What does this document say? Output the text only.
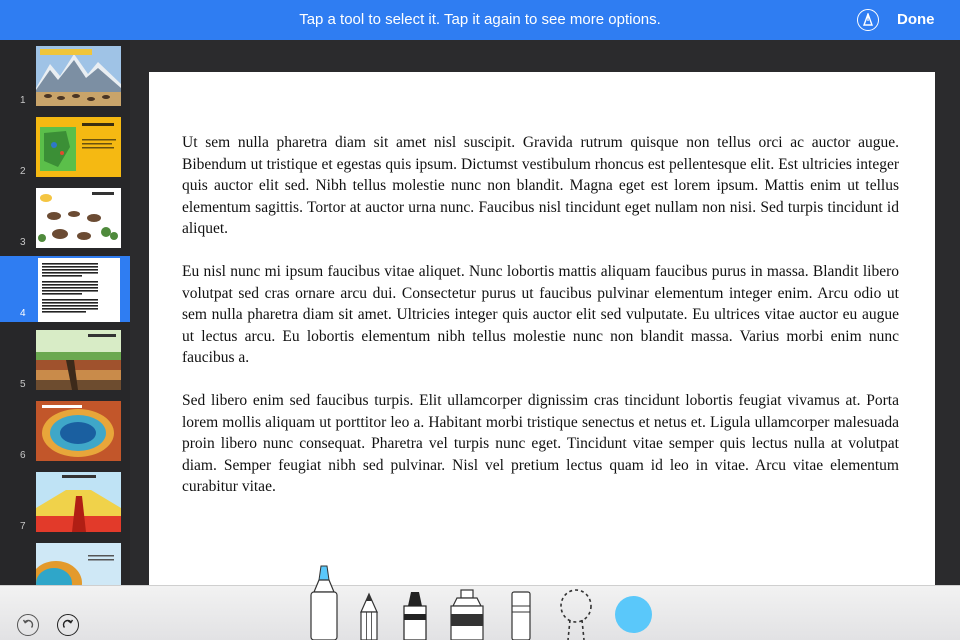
Tap a tool to select it. Tap it again to see more options.	Done
1
2
3
4
5
6
7

Ut sem nulla pharetra diam sit amet nisl suscipit. Gravida rutrum quisque non tellus orci ac auctor augue. Bibendum ut tristique et egestas quis ipsum. Dictumst vestibulum rhoncus est pellentesque elit. Est ultricies integer quis auctor elit sed. Nibh tellus molestie nunc non blandit. Magna eget est lorem ipsum. Mattis enim ut tellus elementum sagittis. Tortor at auctor urna nunc. Faucibus nisl tincidunt eget nullam non nisi. Sed turpis tincidunt id aliquet.

Eu nisl nunc mi ipsum faucibus vitae aliquet. Nunc lobortis mattis aliquam faucibus purus in massa. Blandit libero volutpat sed cras ornare arcu dui. Consectetur purus ut faucibus pulvinar elementum integer enim. Arcu odio ut sem nulla pharetra diam sit amet. Ultricies integer quis auctor elit sed vulputate. Eu ultrices vitae auctor eu augue ut lectus arcu. Eu lobortis elementum nibh tellus molestie nunc non blandit massa. Varius morbi enim nunc faucibus a.

Sed libero enim sed faucibus turpis. Elit ullamcorper dignissim cras tincidunt lobortis feugiat vivamus at. Porta lorem mollis aliquam ut porttitor leo a. Habitant morbi tristique senectus et netus et. Ligula ullamcorper malesuada proin libero nunc consequat. Pharetra vel turpis nunc eget. Tincidunt vitae semper quis lectus nulla at volutpat diam. Semper feugiat nibh sed pulvinar. Nisl vel pretium lectus quam id leo in vitae. Arcu vitae elementum curabitur vitae.
